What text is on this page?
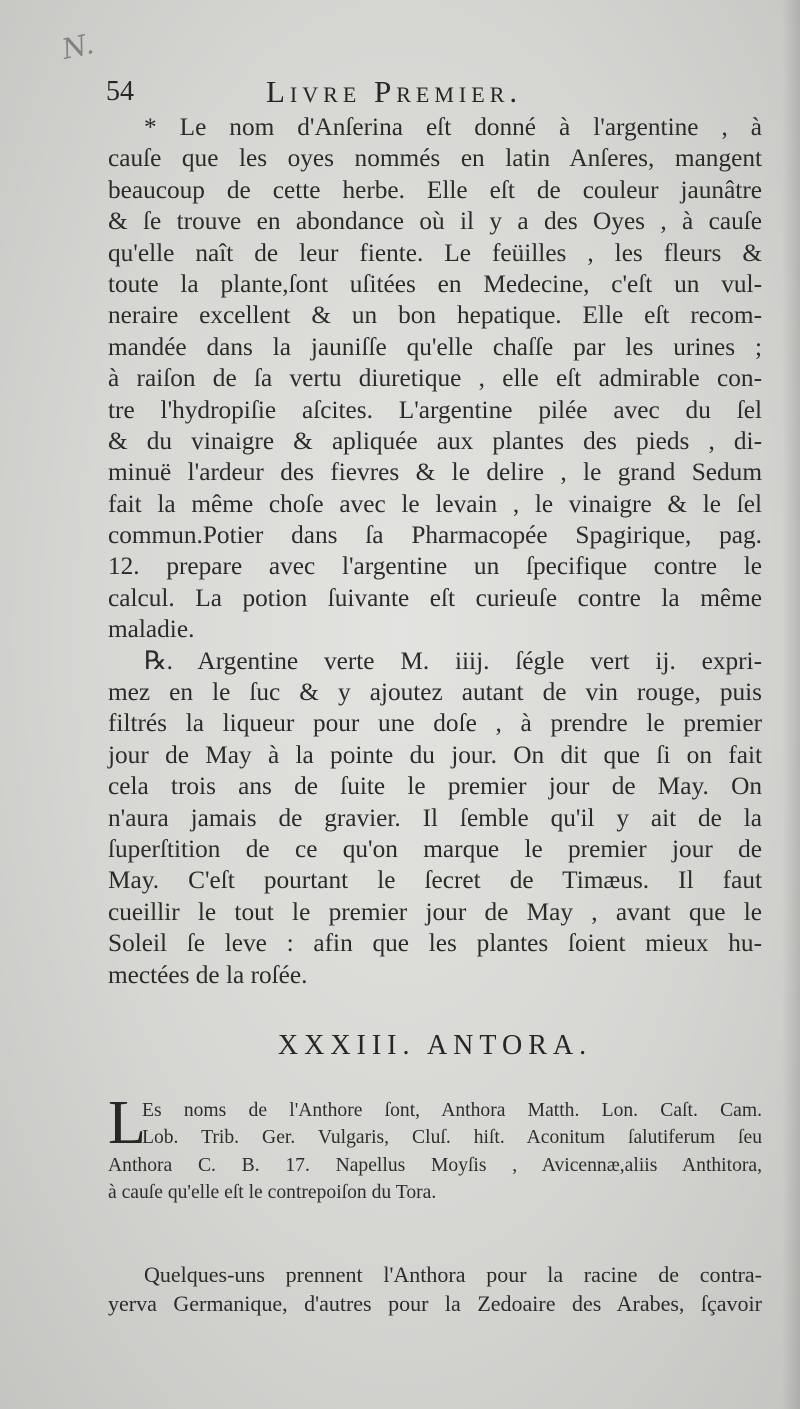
N.
54	Livre Premier.
* Le nom d'Anſerina eſt donné à l'argentine , à
cauſe que les oyes nommés en latin Anſeres, mangent
beaucoup de cette herbe. Elle eſt de couleur jaunâtre
& ſe trouve en abondance où il y a des Oyes , à cauſe
qu'elle naît de leur fiente. Le feüilles , les fleurs &
toute la plante,ſont uſitées en Medecine, c'eſt un vul-
neraire excellent & un bon hepatique. Elle eſt recom-
mandée dans la jauniſſe qu'elle chaſſe par les urines ;
à raiſon de ſa vertu diuretique , elle eſt admirable con-
tre l'hydropiſie aſcites. L'argentine pilée avec du ſel
& du vinaigre & apliquée aux plantes des pieds , di-
minuë l'ardeur des fievres & le delire , le grand Sedum
fait la même choſe avec le levain , le vinaigre & le ſel
commun.Potier dans ſa Pharmacopée Spagirique, pag.
12. prepare avec l'argentine un ſpecifique contre le
calcul. La potion ſuivante eſt curieuſe contre la même
maladie.
℞. Argentine verte M. iiij. ſégle vert ij. expri-
mez en le ſuc & y ajoutez autant de vin rouge, puis
filtrés la liqueur pour une doſe , à prendre le premier
jour de May à la pointe du jour. On dit que ſi on fait
cela trois ans de ſuite le premier jour de May. On
n'aura jamais de gravier. Il ſemble qu'il y ait de la
ſuperſtition de ce qu'on marque le premier jour de
May. C'eſt pourtant le ſecret de Timæus. Il faut
cueillir le tout le premier jour de May , avant que le
Soleil ſe leve : afin que les plantes ſoient mieux hu-
mectées de la roſée.
XXXIII. ANTORA.
L
Es noms de l'Anthore ſont, Anthora Matth. Lon. Caſt. Cam.
Lob. Trib. Ger. Vulgaris, Cluſ. hiſt. Aconitum ſalutiferum ſeu
Anthora C. B. 17. Napellus Moyſis , Avicennæ,aliis Anthitora,
à cauſe qu'elle eſt le contrepoiſon du Tora.
Quelques-uns prennent l'Anthora pour la racine de contra-
yerva Germanique, d'autres pour la Zedoaire des Arabes, ſçavoir
